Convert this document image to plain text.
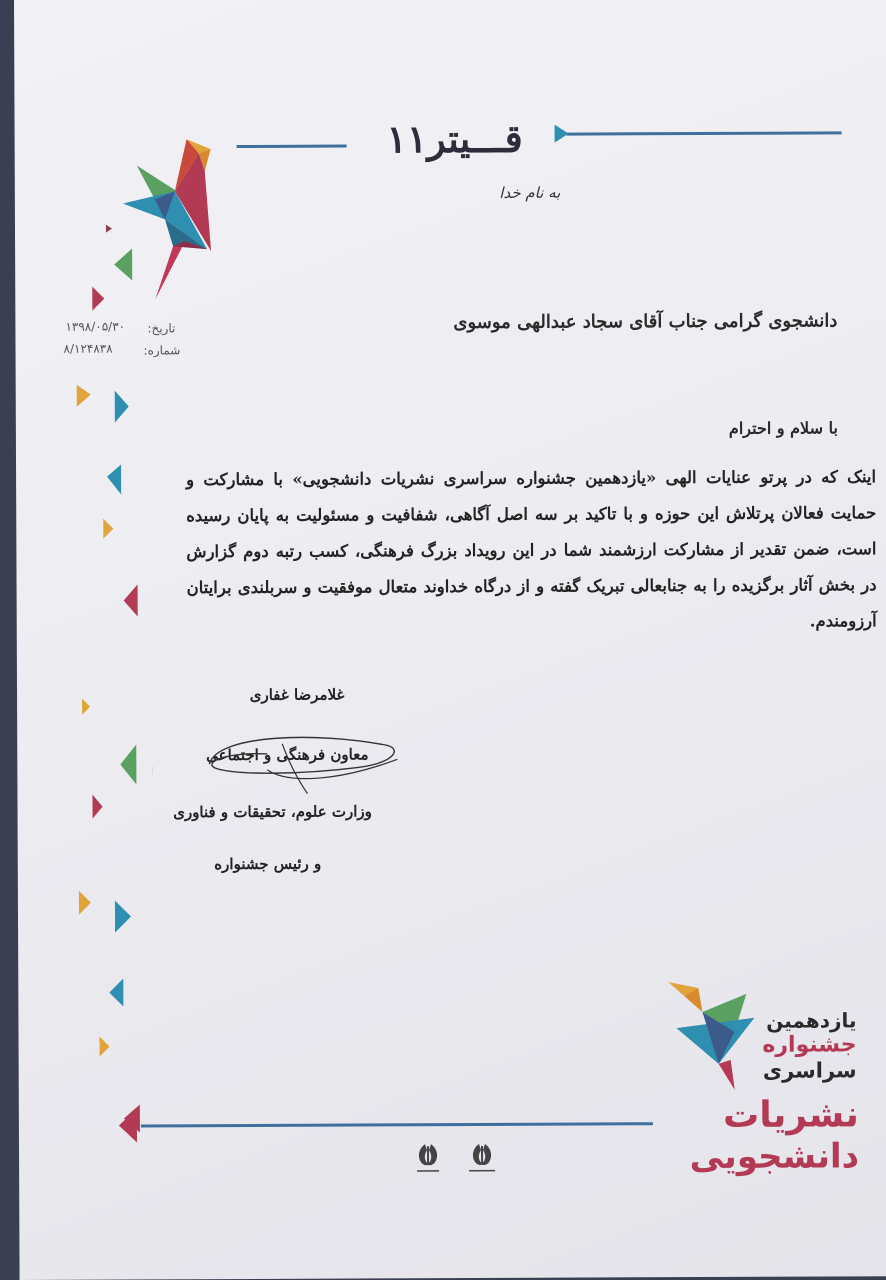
قـــیتر۱۱
به نام خدا
تاریخ:
۱۳۹۸/۰۵/۳۰
شماره:
۸/۱۲۴۸۳۸
دانشجوی گرامی جناب آقای سجاد عبدالهی موسوی
با سلام و احترام
اینک که در پرتو عنایات الهی «یازدهمین جشنواره سراسری نشریات دانشجویی» با مشارکت و حمایت فعالان پرتلاش این حوزه و با تاکید بر سه اصل آگاهی، شفافیت و مسئولیت به پایان رسیده است، ضمن تقدیر از مشارکت ارزشمند شما در این رویداد بزرگ فرهنگی، کسب رتبه دوم گزارش در بخش آثار برگزیده را به جنابعالی تبریک گفته و از درگاه خداوند متعال موفقیت و سربلندی برایتان آرزومندم.
غلامرضا غفاری
معاون فرهنگی و اجتماعی
وزارت علوم، تحقیقات و فناوری
و رئیس جشنواره
یازدهمین
جشنواره
سراسری
نشریات
دانشجویی
